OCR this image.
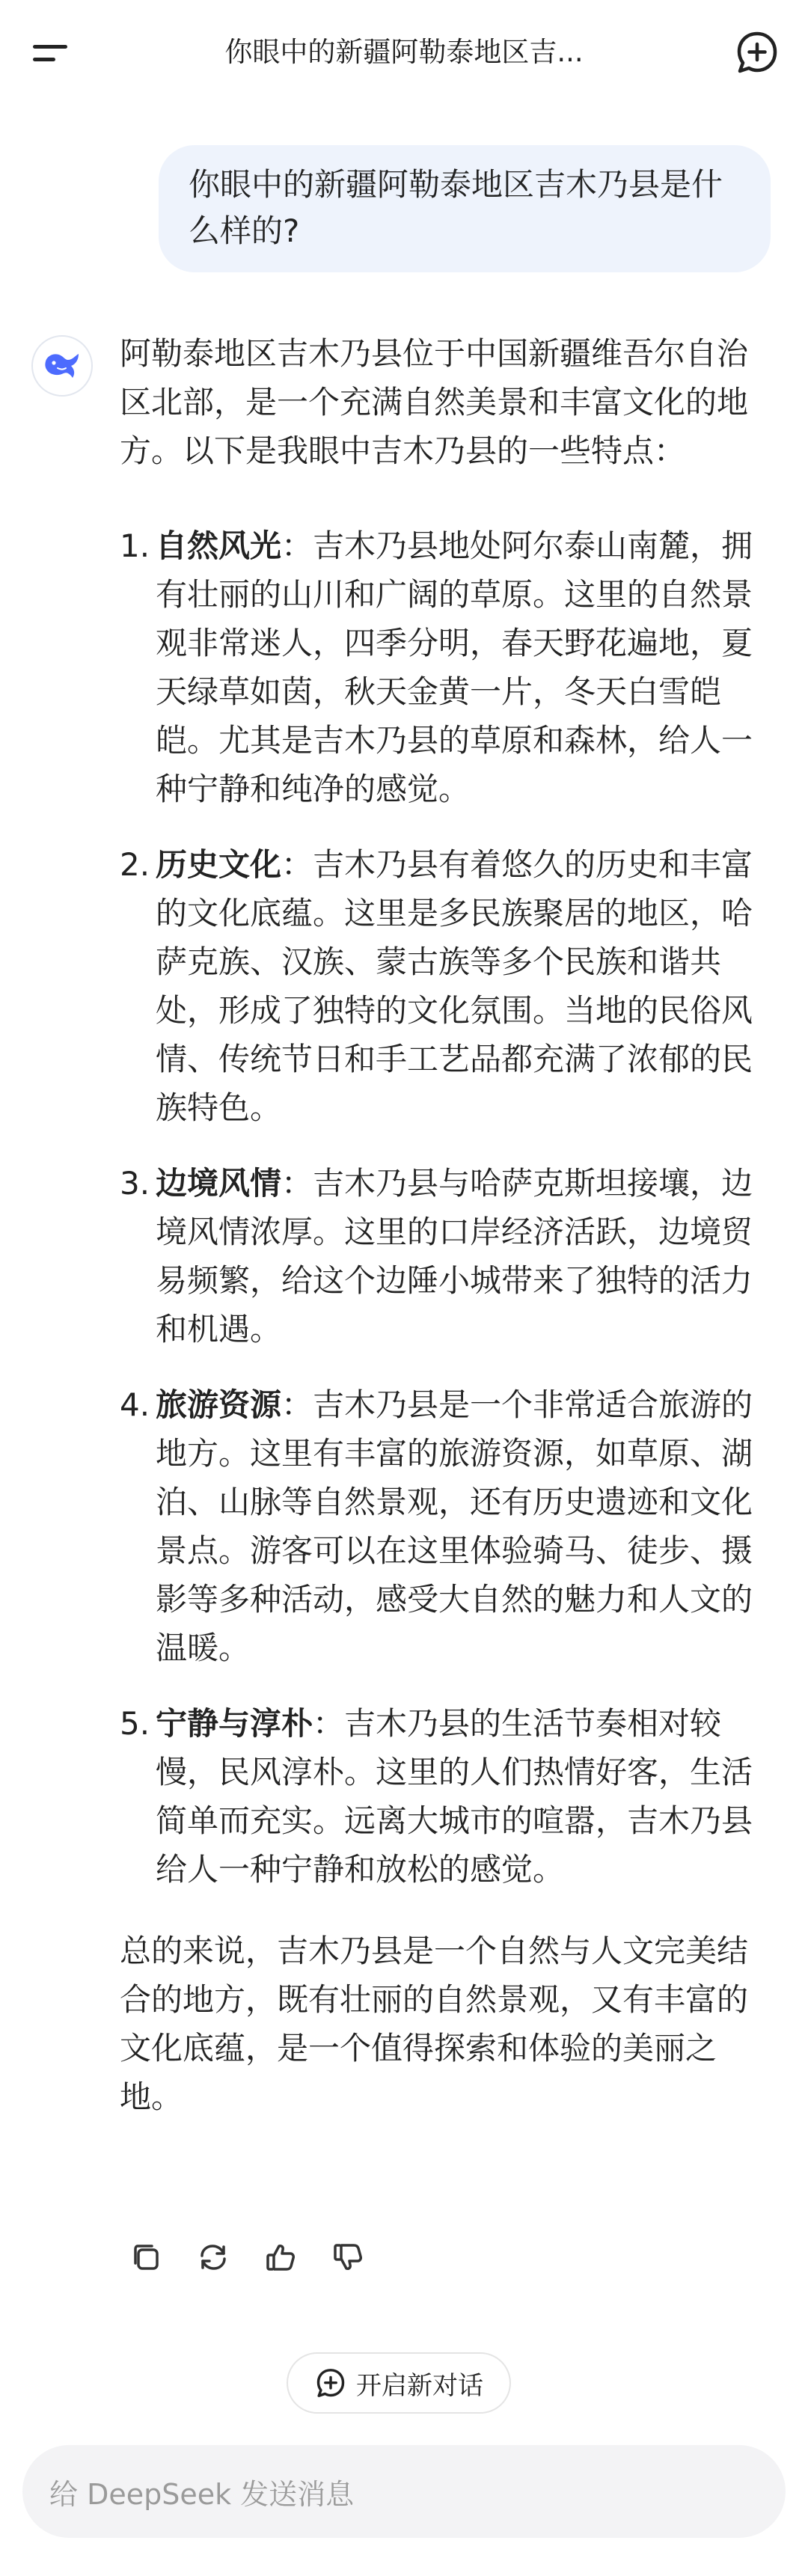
你眼中的新疆阿勒泰地区吉...
你眼中的新疆阿勒泰地区吉木乃县是什么样的?

阿勒泰地区吉木乃县位于中国新疆维吾尔自治区北部，是一个充满自然美景和丰富文化的地方。以下是我眼中吉木乃县的一些特点：

1. 自然风光：吉木乃县地处阿尔泰山南麓，拥有壮丽的山川和广阔的草原。这里的自然景观非常迷人，四季分明，春天野花遍地，夏天绿草如茵，秋天金黄一片，冬天白雪皑皑。尤其是吉木乃县的草原和森林，给人一种宁静和纯净的感觉。
2. 历史文化：吉木乃县有着悠久的历史和丰富的文化底蕴。这里是多民族聚居的地区，哈萨克族、汉族、蒙古族等多个民族和谐共处，形成了独特的文化氛围。当地的民俗风情、传统节日和手工艺品都充满了浓郁的民族特色。
3. 边境风情：吉木乃县与哈萨克斯坦接壤，边境风情浓厚。这里的口岸经济活跃，边境贸易频繁，给这个边陲小城带来了独特的活力和机遇。
4. 旅游资源：吉木乃县是一个非常适合旅游的地方。这里有丰富的旅游资源，如草原、湖泊、山脉等自然景观，还有历史遗迹和文化景点。游客可以在这里体验骑马、徒步、摄影等多种活动，感受大自然的魅力和人文的温暖。
5. 宁静与淳朴：吉木乃县的生活节奏相对较慢，民风淳朴。这里的人们热情好客，生活简单而充实。远离大城市的喧嚣，吉木乃县给人一种宁静和放松的感觉。

总的来说，吉木乃县是一个自然与人文完美结合的地方，既有壮丽的自然景观，又有丰富的文化底蕴，是一个值得探索和体验的美丽之地。

开启新对话
给 DeepSeek 发送消息
